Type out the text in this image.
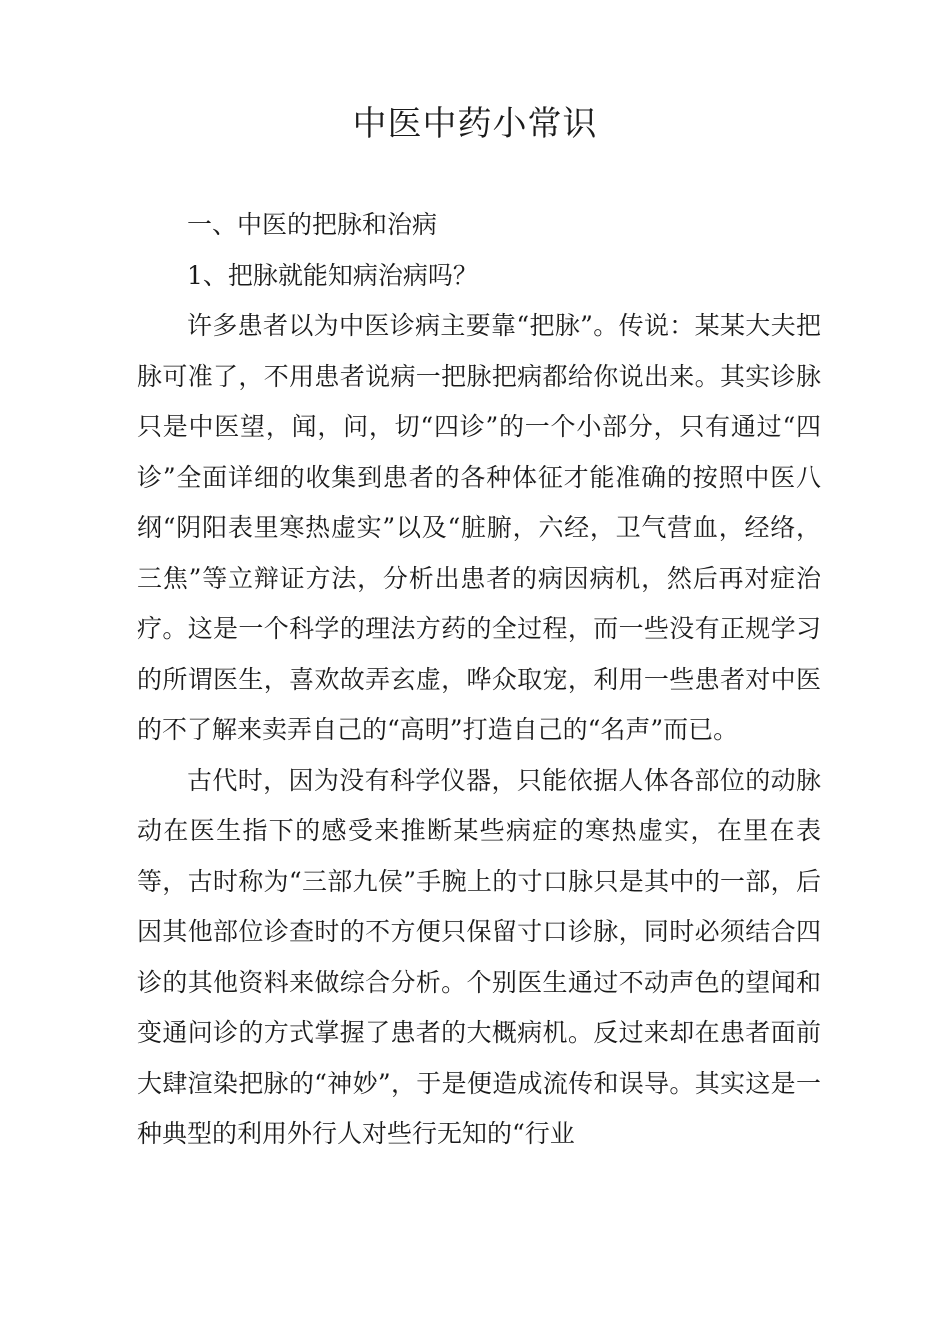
中医中药小常识

一、中医的把脉和治病

1、把脉就能知病治病吗？

许多患者以为中医诊病主要靠“把脉”。传说：某某大夫把脉可准了，不用患者说病一把脉把病都给你说出来。其实诊脉只是中医望，闻，问，切“四诊”的一个小部分，只有通过“四诊”全面详细的收集到患者的各种体征才能准确的按照中医八纲“阴阳表里寒热虚实”以及“脏腑，六经，卫气营血，经络，三焦”等立辩证方法，分析出患者的病因病机，然后再对症治疗。这是一个科学的理法方药的全过程，而一些没有正规学习的所谓医生，喜欢故弄玄虚，哗众取宠，利用一些患者对中医的不了解来卖弄自己的“高明”打造自己的“名声”而已。

古代时，因为没有科学仪器，只能依据人体各部位的动脉动在医生指下的感受来推断某些病症的寒热虚实，在里在表等，古时称为“三部九侯”手腕上的寸口脉只是其中的一部，后因其他部位诊查时的不方便只保留寸口诊脉，同时必须结合四诊的其他资料来做综合分析。个别医生通过不动声色的望闻和变通问诊的方式掌握了患者的大概病机。反过来却在患者面前大肆渲染把脉的“神妙”，于是便造成流传和误导。其实这是一种典型的利用外行人对些行无知的“行业
